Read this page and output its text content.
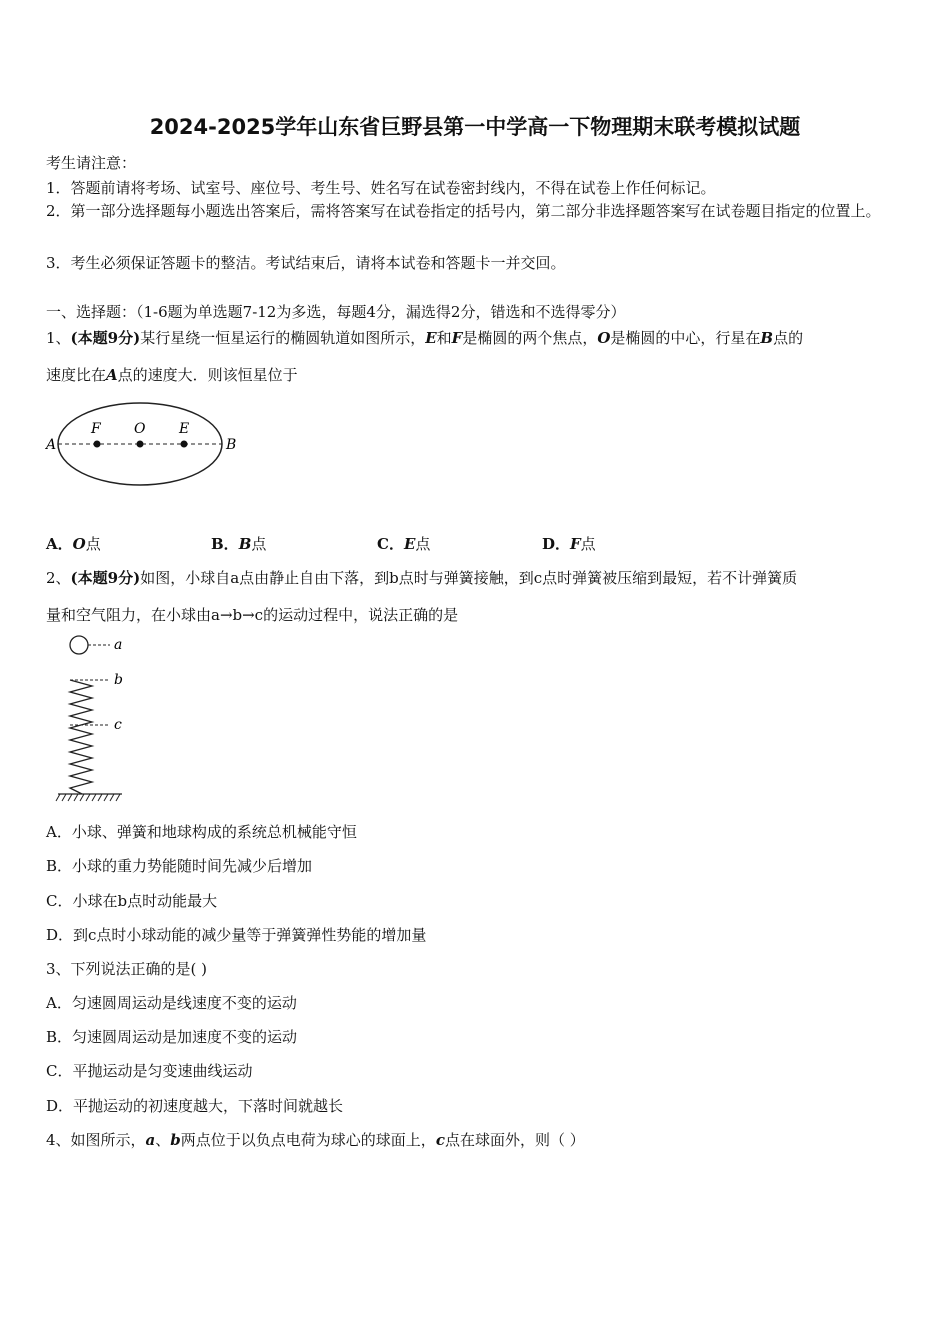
2024-2025学年山东省巨野县第一中学高一下物理期末联考模拟试题
考生请注意：
1．答题前请将考场、试室号、座位号、考生号、姓名写在试卷密封线内，不得在试卷上作任何标记。
2．第一部分选择题每小题选出答案后，需将答案写在试卷指定的括号内，第二部分非选择题答案写在试卷题目指定的位置上。
3．考生必须保证答题卡的整洁。考试结束后，请将本试卷和答题卡一并交回。
一、选择题：（1-6题为单选题7-12为多选，每题4分，漏选得2分，错选和不选得零分）
1、(本题9分)某行星绕一恒星运行的椭圆轨道如图所示，E和F是椭圆的两个焦点，O是椭圆的中心，行星在B点的
速度比在A点的速度大．则该恒星位于
A
F O E
B
A．O点	B．B点	C．E点	D．F点
2、(本题9分)如图，小球自a点由静止自由下落，到b点时与弹簧接触，到c点时弹簧被压缩到最短，若不计弹簧质
量和空气阻力，在小球由a→b→c的运动过程中，说法正确的是
a
b
c
A．小球、弹簧和地球构成的系统总机械能守恒
B．小球的重力势能随时间先减少后增加
C．小球在b点时动能最大
D．到c点时小球动能的减少量等于弹簧弹性势能的增加量
3、下列说法正确的是( )
A．匀速圆周运动是线速度不变的运动
B．匀速圆周运动是加速度不变的运动
C．平抛运动是匀变速曲线运动
D．平抛运动的初速度越大，下落时间就越长
4、如图所示，a、b两点位于以负点电荷为球心的球面上，c点在球面外，则（ ）
